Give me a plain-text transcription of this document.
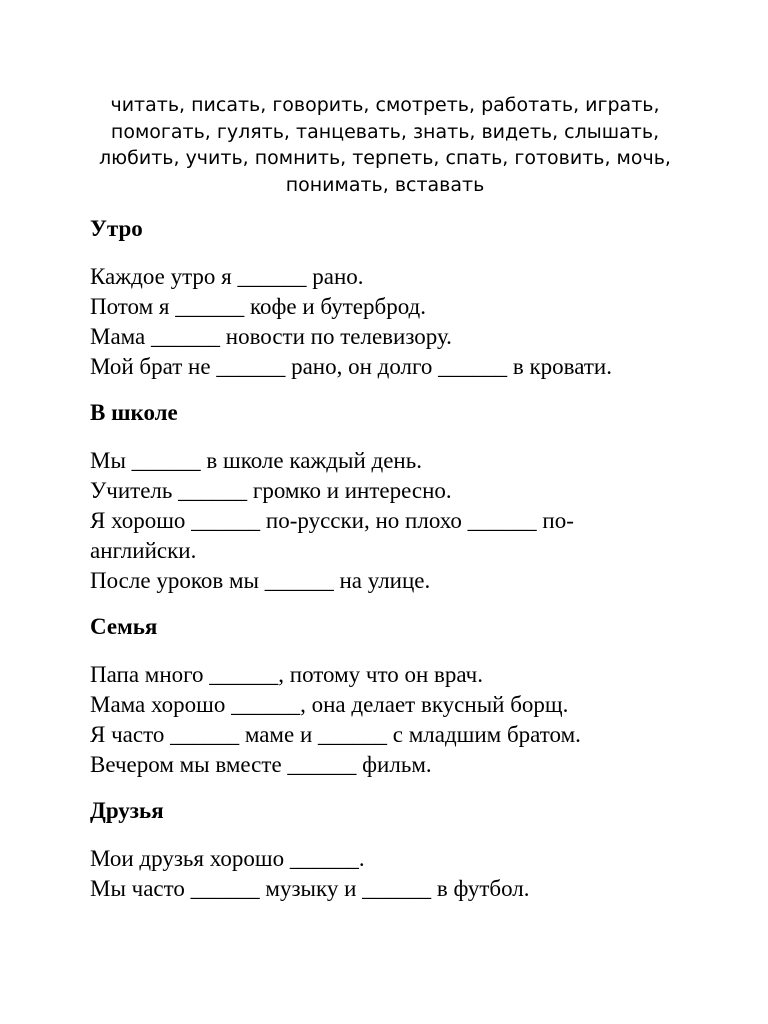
читать, писать, говорить, смотреть, работать, играть,
помогать, гулять, танцевать, знать, видеть, слышать,
любить, учить, помнить, терпеть, спать, готовить, мочь,
понимать, вставать

Утро

Каждое утро я ______ рано.

Потом я ______ кофе и бутерброд.

Мама ______ новости по телевизору.

Мой брат не ______ рано, он долго ______ в кровати.

В школе

Мы ______ в школе каждый день.

Учитель ______ громко и интересно.

Я хорошо ______ по-русски, но плохо ______ по-

английски.

После уроков мы ______ на улице.

Семья

Папа много ______, потому что он врач.

Мама хорошо ______, она делает вкусный борщ.

Я часто ______ маме и ______ с младшим братом.

Вечером мы вместе ______ фильм.

Друзья

Мои друзья хорошо ______.

Мы часто ______ музыку и ______ в футбол.
